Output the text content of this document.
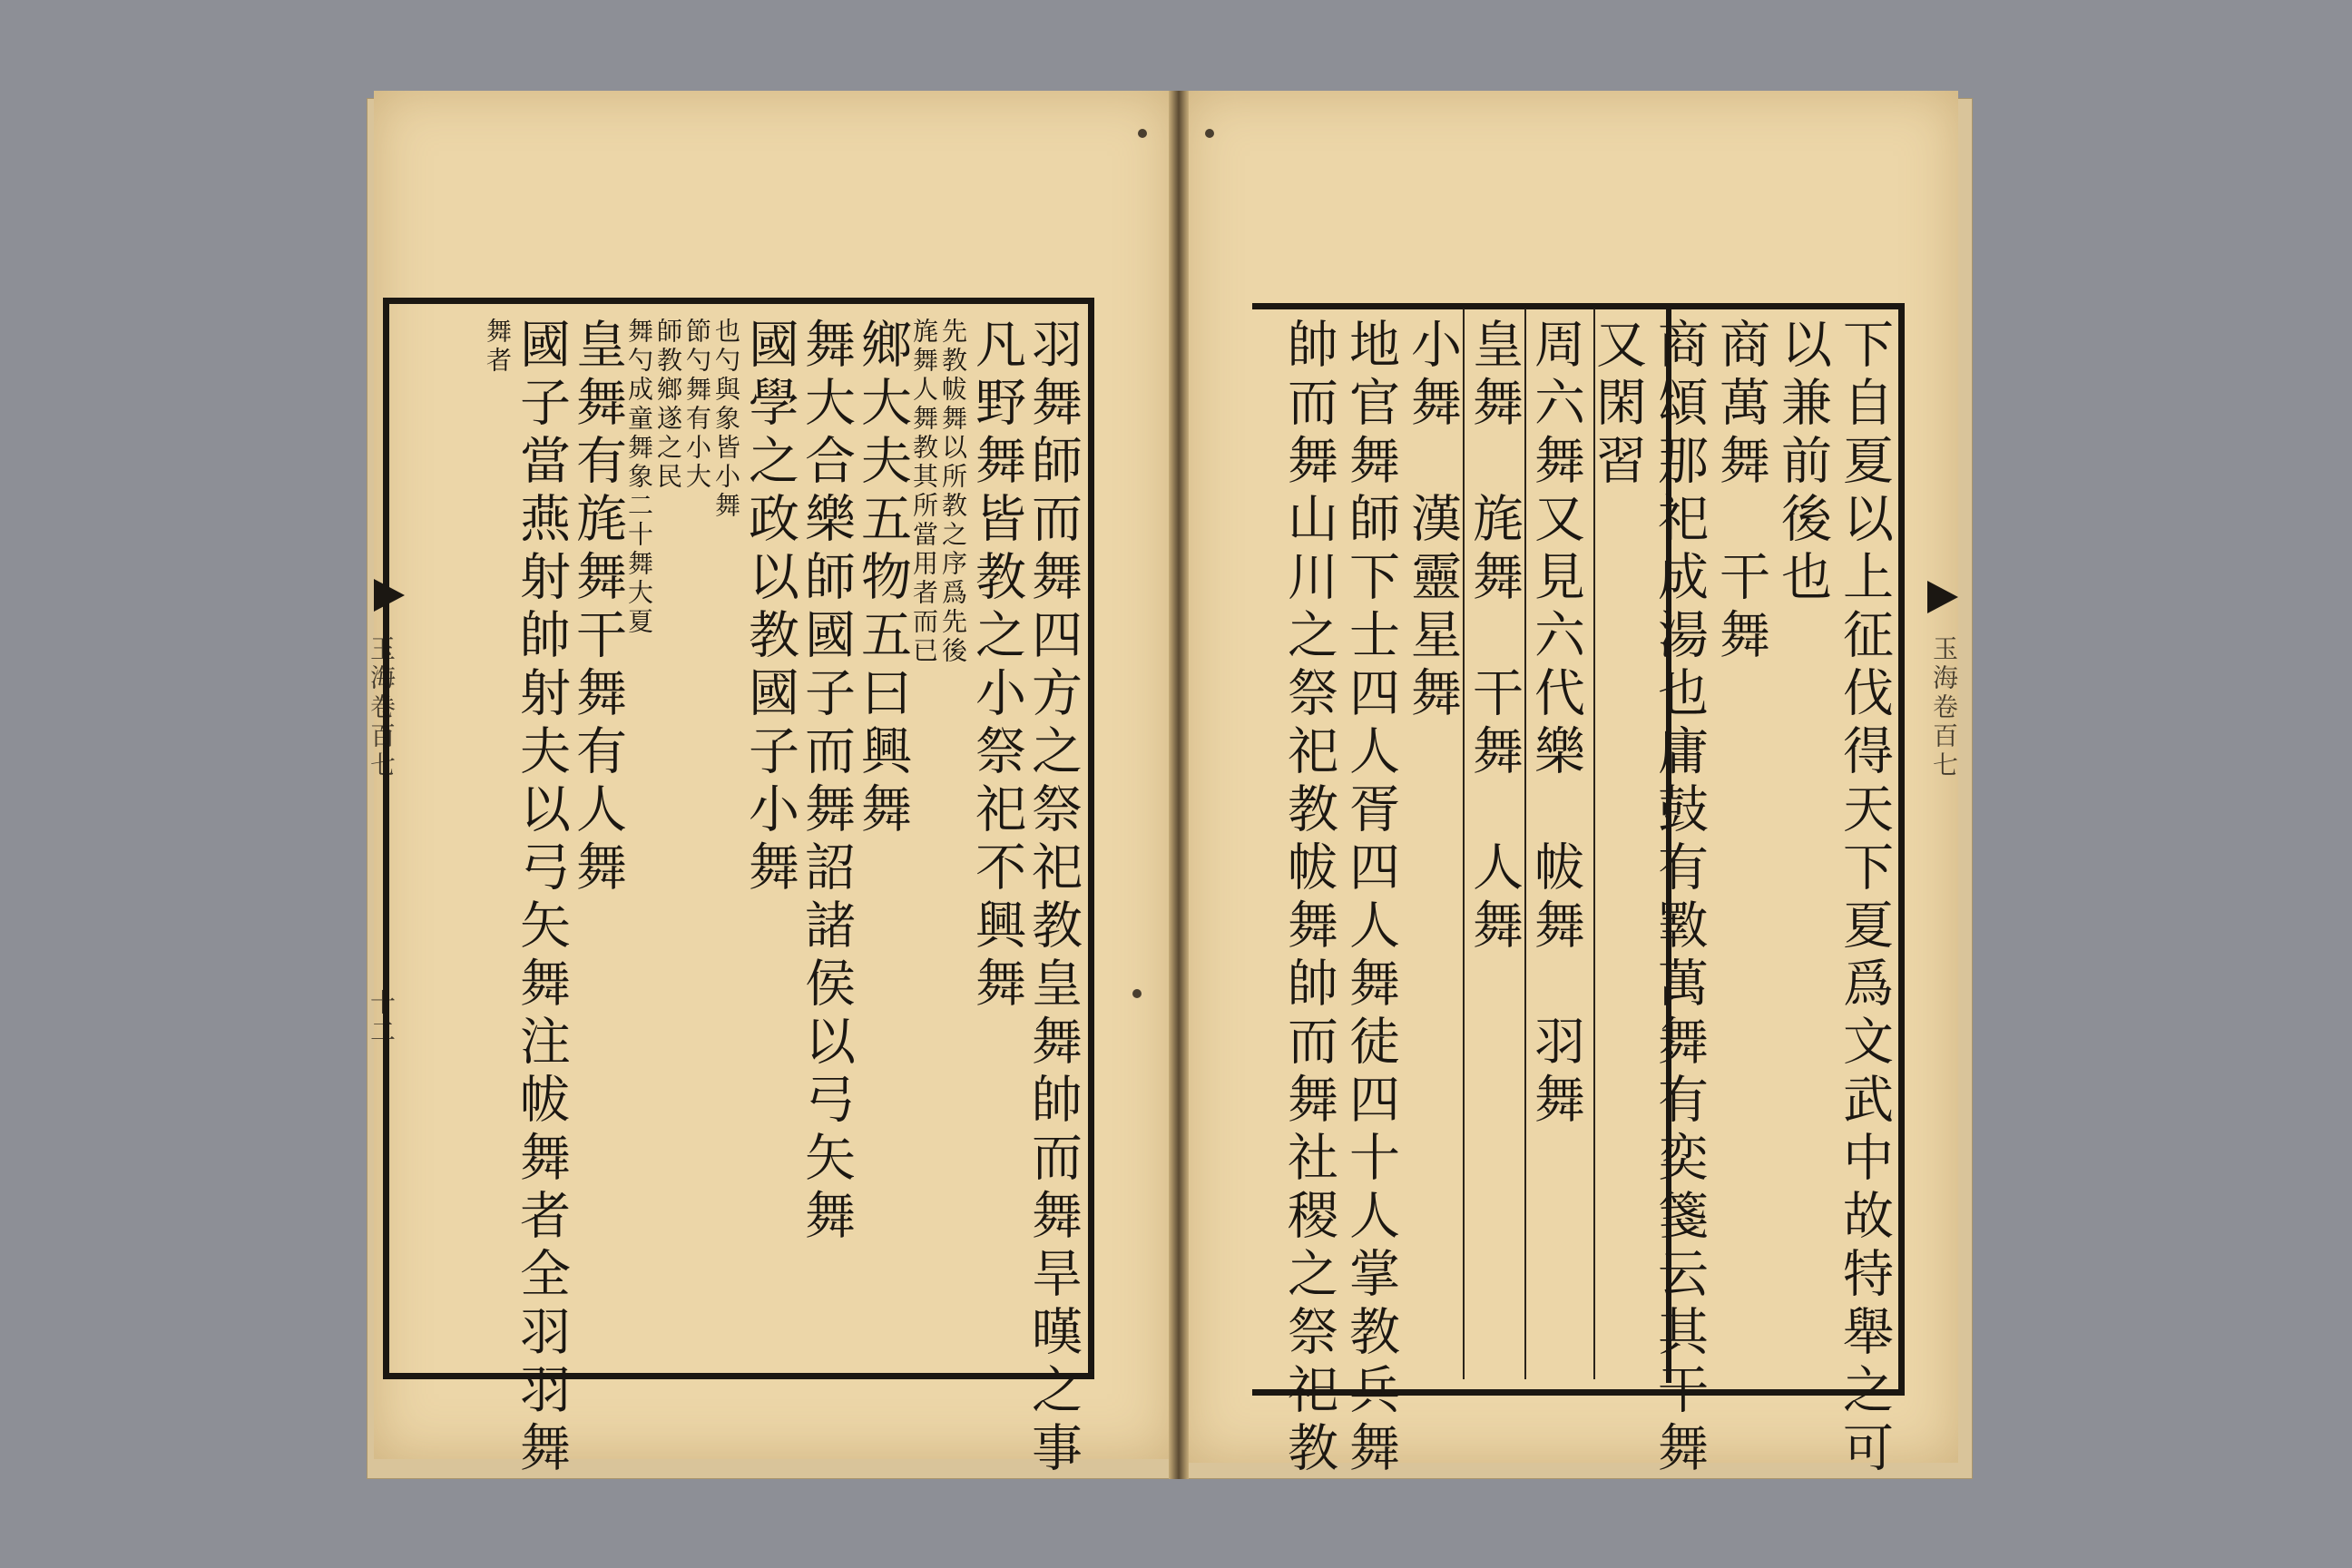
羽舞師而舞四方之祭祀教皇舞帥而舞旱暵之事
凡野舞皆教之小祭祀不興舞
先教帗舞以所教之序爲先後
旄舞人舞教其所當用者而已
鄉大夫五物五曰興舞
舞大合樂師國子而舞詔諸侯以弓矢舞
國學之政以教國子小舞
也勺與象皆小舞
節勺舞有小大
師教鄉遂之民
舞勺成童舞象二十舞大夏
皇舞有旄舞干舞有人舞
國子當燕射帥射夫以弓矢舞注帗舞者全羽羽舞
舞者
玉海卷百七
十二	下自夏以上征伐得天下夏爲文武中故特舉之可
以兼前後也
商萬舞　干舞
商頌那祀成湯也庸鼓有斁萬舞有奕箋云其干舞
又閑習
周六舞又見六代樂　帗舞　羽舞
皇舞　旄舞　干舞　人舞
小舞　漢靈星舞
地官舞師下士四人胥四人舞徒四十人掌教兵舞
帥而舞山川之祭祀教帗舞帥而舞社稷之祭祀教	玉海卷百七
